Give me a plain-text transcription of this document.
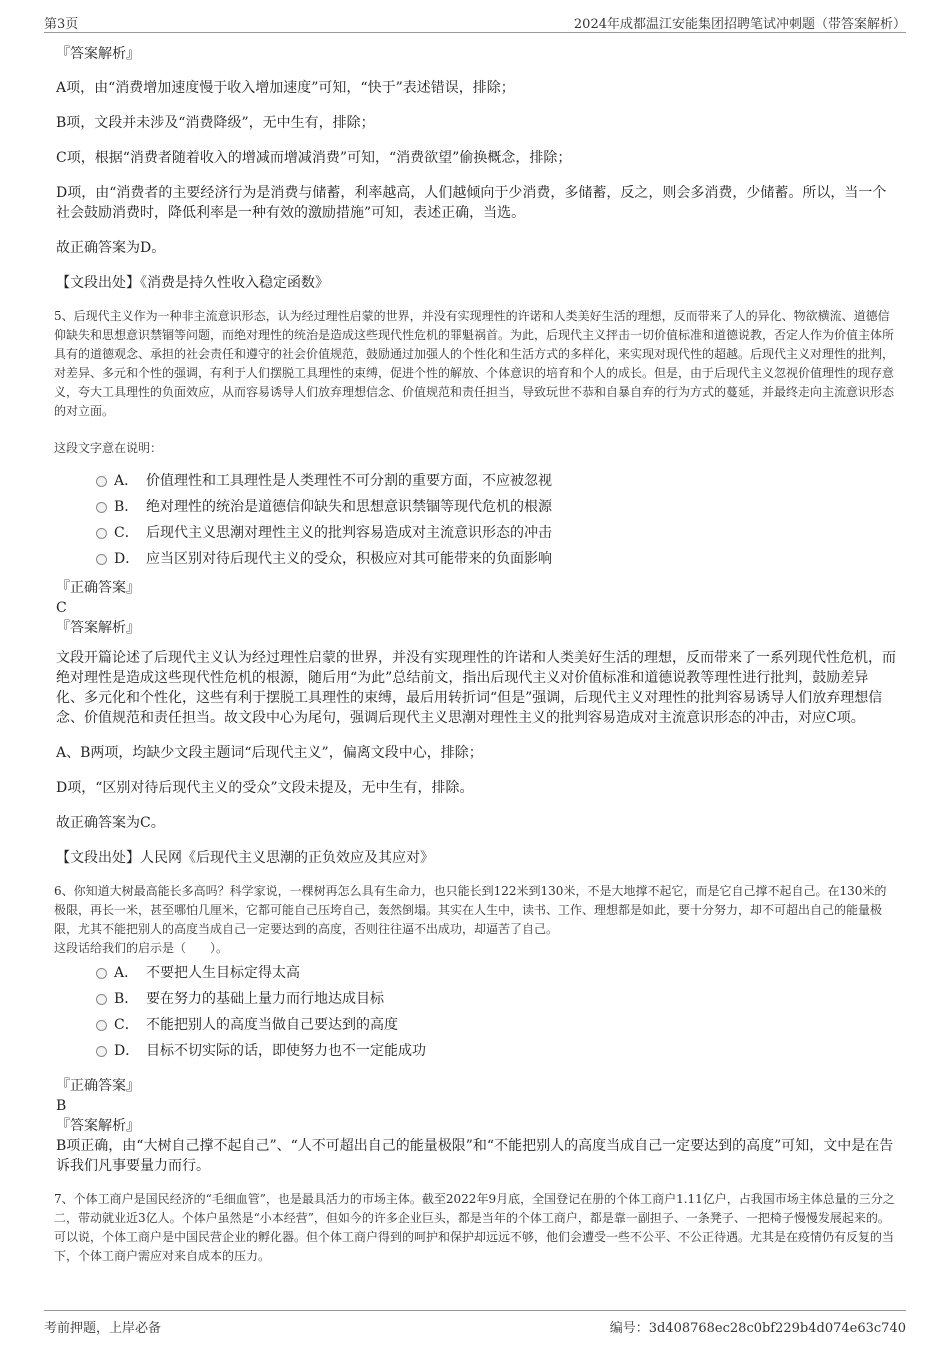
第3页	2024年成都温江安能集团招聘笔试冲刺题（带答案解析）
『答案解析』
A项，由“消费增加速度慢于收入增加速度”可知，“快于”表述错误，排除；
B项，文段并未涉及“消费降级”，无中生有，排除；
C项，根据“消费者随着收入的增减而增减消费”可知，“消费欲望”偷换概念，排除；
D项，由“消费者的主要经济行为是消费与储蓄，利率越高，人们越倾向于少消费，多储蓄，反之，则会多消费，少储蓄。所以，当一个社会鼓励消费时，降低利率是一种有效的激励措施”可知，表述正确，当选。
故正确答案为D。
【文段出处】《消费是持久性收入稳定函数》
5、后现代主义作为一种非主流意识形态，认为经过理性启蒙的世界，并没有实现理性的许诺和人类美好生活的理想，反而带来了人的异化、物欲横流、道德信仰缺失和思想意识禁锢等问题，而绝对理性的统治是造成这些现代性危机的罪魁祸首。为此，后现代主义抨击一切价值标准和道德说教，否定人作为价值主体所具有的道德观念、承担的社会责任和遵守的社会价值规范，鼓励通过加强人的个性化和生活方式的多样化，来实现对现代性的超越。后现代主义对理性的批判，对差异、多元和个性的强调，有利于人们摆脱工具理性的束缚，促进个性的解放、个体意识的培育和个人的成长。但是，由于后现代主义忽视价值理性的现存意义，夸大工具理性的负面效应，从而容易诱导人们放弃理想信念、价值规范和责任担当，导致玩世不恭和自暴自弃的行为方式的蔓延，并最终走向主流意识形态的对立面。
这段文字意在说明：
A． 价值理性和工具理性是人类理性不可分割的重要方面，不应被忽视
B． 绝对理性的统治是道德信仰缺失和思想意识禁锢等现代危机的根源
C． 后现代主义思潮对理性主义的批判容易造成对主流意识形态的冲击
D． 应当区别对待后现代主义的受众，积极应对其可能带来的负面影响
『正确答案』
C
『答案解析』
文段开篇论述了后现代主义认为经过理性启蒙的世界，并没有实现理性的许诺和人类美好生活的理想，反而带来了一系列现代性危机，而绝对理性是造成这些现代性危机的根源，随后用“为此”总结前文，指出后现代主义对价值标准和道德说教等理性进行批判，鼓励差异化、多元化和个性化，这些有利于摆脱工具理性的束缚，最后用转折词“但是”强调，后现代主义对理性的批判容易诱导人们放弃理想信念、价值规范和责任担当。故文段中心为尾句，强调后现代主义思潮对理性主义的批判容易造成对主流意识形态的冲击，对应C项。
A、B两项，均缺少文段主题词“后现代主义”，偏离文段中心，排除；
D项，“区别对待后现代主义的受众”文段未提及，无中生有，排除。
故正确答案为C。
【文段出处】人民网《后现代主义思潮的正负效应及其应对》
6、你知道大树最高能长多高吗？科学家说，一棵树再怎么具有生命力，也只能长到122米到130米，不是大地撑不起它，而是它自己撑不起自己。在130米的极限，再长一米，甚至哪怕几厘米，它都可能自己压垮自己，轰然倒塌。其实在人生中，读书、工作、理想都是如此，要十分努力，却不可超出自己的能量极限，尤其不能把别人的高度当成自己一定要达到的高度，否则往往逼不出成功，却逼苦了自己。
这段话给我们的启示是（　　）。
A． 不要把人生目标定得太高
B． 要在努力的基础上量力而行地达成目标
C． 不能把别人的高度当做自己要达到的高度
D． 目标不切实际的话，即使努力也不一定能成功
『正确答案』
B
『答案解析』
B项正确，由“大树自己撑不起自己”、“人不可超出自己的能量极限”和“不能把别人的高度当成自己一定要达到的高度”可知，文中是在告诉我们凡事要量力而行。
7、个体工商户是国民经济的“毛细血管”，也是最具活力的市场主体。截至2022年9月底，全国登记在册的个体工商户1.11亿户，占我国市场主体总量的三分之二，带动就业近3亿人。个体户虽然是“小本经营”，但如今的许多企业巨头，都是当年的个体工商户，都是靠一副担子、一条凳子、一把椅子慢慢发展起来的。可以说，个体工商户是中国民营企业的孵化器。但个体工商户得到的呵护和保护却远远不够，他们会遭受一些不公平、不公正待遇。尤其是在疫情仍有反复的当下，个体工商户需应对来自成本的压力。
考前押题，上岸必备	编号：3d408768ec28c0bf229b4d074e63c740
